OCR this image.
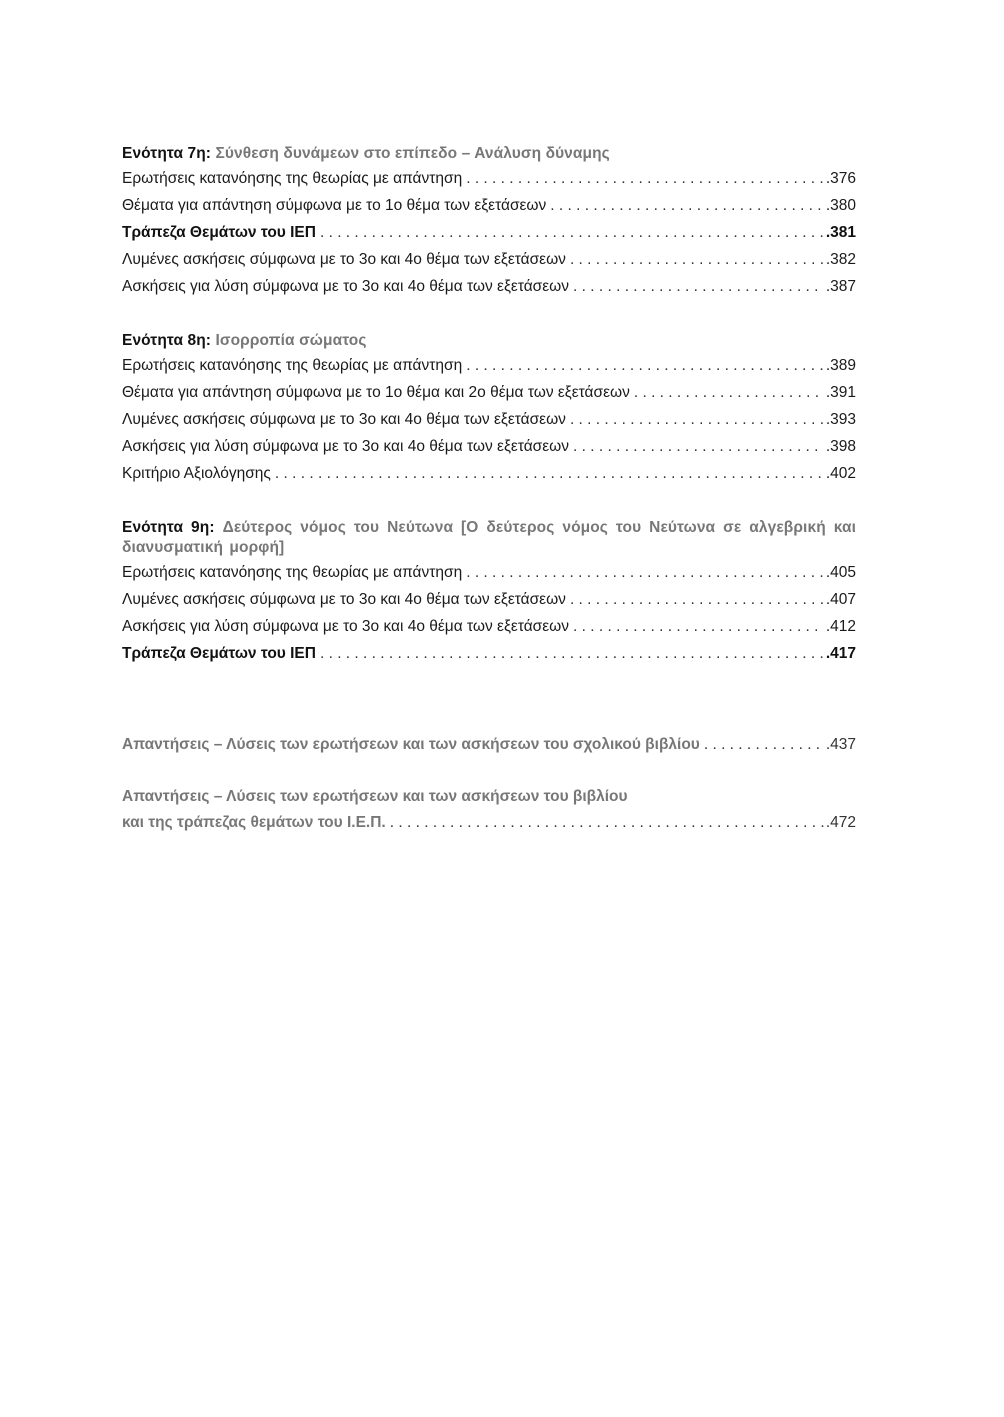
Ενότητα 7η: Σύνθεση δυνάμεων στο επίπεδο – Ανάλυση δύναμης
Ερωτήσεις κατανόησης της θεωρίας με απάντηση . . .	.376
Θέματα για απάντηση σύμφωνα με το 1ο θέμα των εξετάσεων . . .	.380
Τράπεζα Θεμάτων του ΙΕΠ . . .	.381
Λυμένες ασκήσεις σύμφωνα με το 3ο και 4ο θέμα των εξετάσεων . . .	.382
Ασκήσεις για λύση σύμφωνα με το 3ο και 4ο θέμα των εξετάσεων . . .	.387
Ενότητα 8η: Ισορροπία σώματος
Ερωτήσεις κατανόησης της θεωρίας με απάντηση . . .	.389
Θέματα για απάντηση σύμφωνα με το 1ο θέμα και 2ο θέμα των εξετάσεων . . .	.391
Λυμένες ασκήσεις σύμφωνα με το 3ο και 4ο θέμα των εξετάσεων . . .	.393
Ασκήσεις για λύση σύμφωνα με το 3ο και 4ο θέμα των εξετάσεων . . .	.398
Κριτήριο Αξιολόγησης . . .	.402
Ενότητα 9η: Δεύτερος νόμος του Νεύτωνα [Ο δεύτερος νόμος του Νεύτωνα σε αλγεβρική και διανυσματική μορφή]
Ερωτήσεις κατανόησης της θεωρίας με απάντηση . . .	.405
Λυμένες ασκήσεις σύμφωνα με το 3ο και 4ο θέμα των εξετάσεων . . .	.407
Ασκήσεις για λύση σύμφωνα με το 3ο και 4ο θέμα των εξετάσεων . . .	.412
Τράπεζα Θεμάτων του ΙΕΠ . . .	.417
Απαντήσεις – Λύσεις των ερωτήσεων και των ασκήσεων του σχολικού βιβλίου . . .	.437
Απαντήσεις – Λύσεις των ερωτήσεων και των ασκήσεων του βιβλίου
και της τράπεζας θεμάτων του Ι.Ε.Π. . . .	.472
